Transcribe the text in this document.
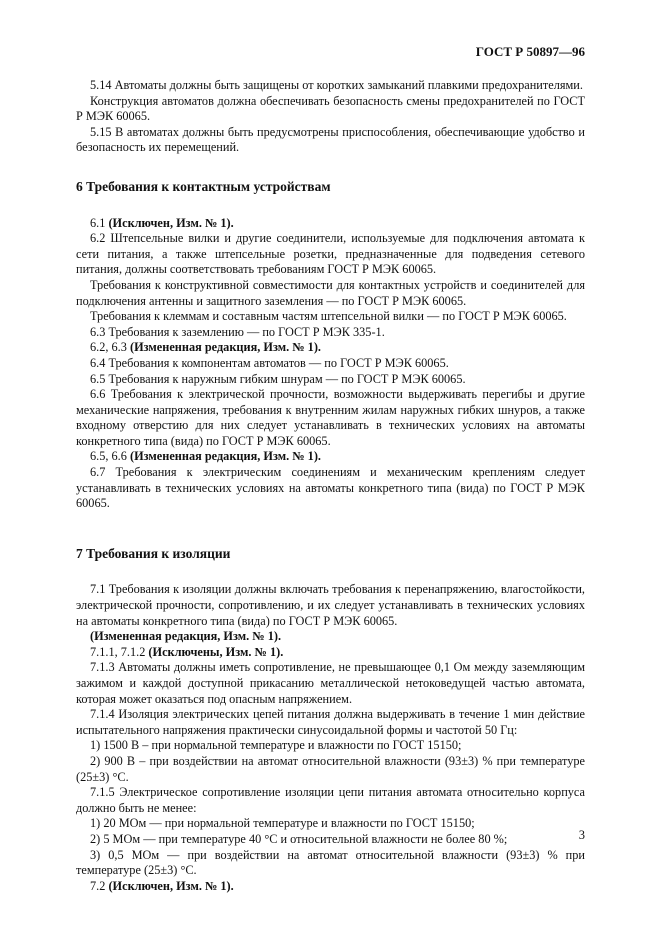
ГОСТ Р 50897—96

5.14 Автоматы должны быть защищены от коротких замыканий плавкими предохранителями.

Конструкция автоматов должна обеспечивать безопасность смены предохранителей по ГОСТ Р МЭК 60065.

5.15 В автоматах должны быть предусмотрены приспособления, обеспечивающие удобство и безопасность их перемещений.

6 Требования к контактным устройствам

6.1 (Исключен, Изм. № 1).

6.2 Штепсельные вилки и другие соединители, используемые для подключения автомата к сети питания, а также штепсельные розетки, предназначенные для подведения сетевого питания, должны соответствовать требованиям ГОСТ Р МЭК 60065.

Требования к конструктивной совместимости для контактных устройств и соединителей для подключения антенны и защитного заземления — по ГОСТ Р МЭК 60065.

Требования к клеммам и составным частям штепсельной вилки — по ГОСТ Р МЭК 60065.

6.3 Требования к заземлению — по ГОСТ Р МЭК 335-1.

6.2, 6.3 (Измененная редакция, Изм. № 1).

6.4 Требования к компонентам автоматов — по ГОСТ Р МЭК 60065.

6.5 Требования к наружным гибким шнурам — по ГОСТ Р МЭК 60065.

6.6 Требования к электрической прочности, возможности выдерживать перегибы и другие механические напряжения, требования к внутренним жилам наружных гибких шнуров, а также входному отверстию для них следует устанавливать в технических условиях на автоматы конкретного типа (вида) по ГОСТ Р МЭК 60065.

6.5, 6.6 (Измененная редакция, Изм. № 1).

6.7 Требования к электрическим соединениям и механическим креплениям следует устанавливать в технических условиях на автоматы конкретного типа (вида) по ГОСТ Р МЭК 60065.

7 Требования к изоляции

7.1 Требования к изоляции должны включать требования к перенапряжению, влагостойкости, электрической прочности, сопротивлению, и их следует устанавливать в технических условиях на автоматы конкретного типа (вида) по ГОСТ Р МЭК 60065.

(Измененная редакция, Изм. № 1).

7.1.1, 7.1.2 (Исключены, Изм. № 1).

7.1.3 Автоматы должны иметь сопротивление, не превышающее 0,1 Ом между заземляющим зажимом и каждой доступной прикасанию металлической нетоковедущей частью автомата, которая может оказаться под опасным напряжением.

7.1.4 Изоляция электрических цепей питания должна выдерживать в течение 1 мин действие испытательного напряжения практически синусоидальной формы и частотой 50 Гц:

1) 1500 В – при нормальной температуре и влажности по ГОСТ 15150;

2) 900 В – при воздействии на автомат относительной влажности (93±3) % при температуре (25±3) °С.

7.1.5 Электрическое сопротивление изоляции цепи питания автомата относительно корпуса должно быть не менее:

1) 20 МОм — при нормальной температуре и влажности по ГОСТ 15150;

2) 5 МОм — при температуре 40 °С и относительной влажности не более 80 %;

3) 0,5 МОм — при воздействии на автомат относительной влажности (93±3) % при температуре (25±3) °С.

7.2 (Исключен, Изм. № 1).

3
